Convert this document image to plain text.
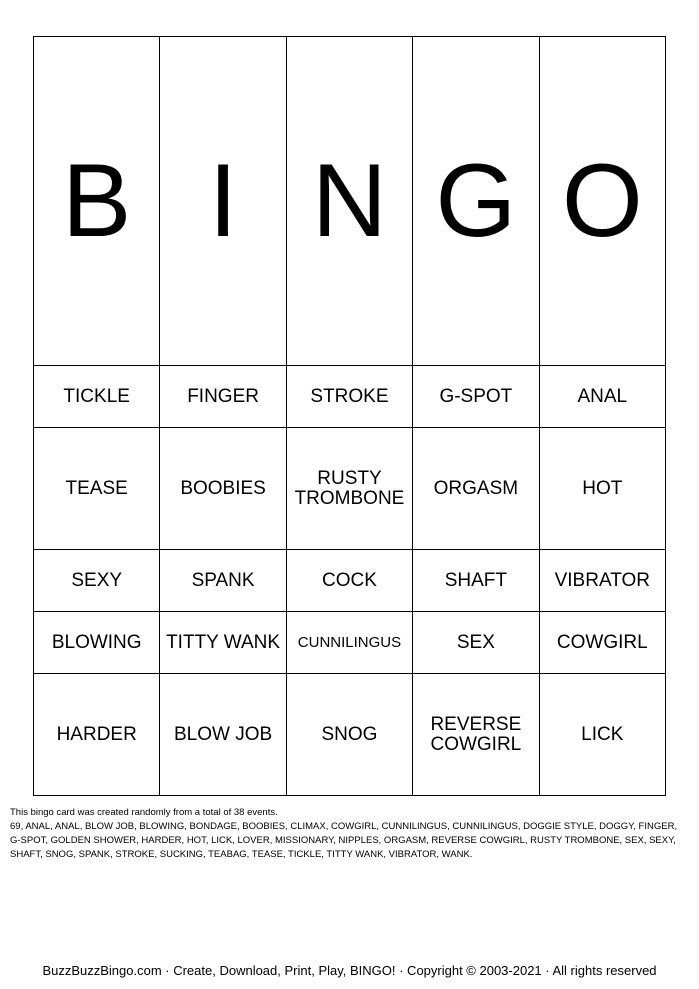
B	I	N	G	O
TICKLE	FINGER	STROKE	G-SPOT	ANAL
TEASE	BOOBIES	RUSTY TROMBONE	ORGASM	HOT
SEXY	SPANK	COCK	SHAFT	VIBRATOR
BLOWING	TITTY WANK	CUNNILINGUS	SEX	COWGIRL
HARDER	BLOW JOB	SNOG	REVERSE COWGIRL	LICK

This bingo card was created randomly from a total of 38 events.

69, ANAL, ANAL, BLOW JOB, BLOWING, BONDAGE, BOOBIES, CLIMAX, COWGIRL, CUNNILINGUS, CUNNILINGUS, DOGGIE STYLE, DOGGY, FINGER, G-SPOT, GOLDEN SHOWER, HARDER, HOT, LICK, LOVER, MISSIONARY, NIPPLES, ORGASM, REVERSE COWGIRL, RUSTY TROMBONE, SEX, SEXY, SHAFT, SNOG, SPANK, STROKE, SUCKING, TEABAG, TEASE, TICKLE, TITTY WANK, VIBRATOR, WANK.

BuzzBuzzBingo.com · Create, Download, Print, Play, BINGO! · Copyright © 2003-2021 · All rights reserved
